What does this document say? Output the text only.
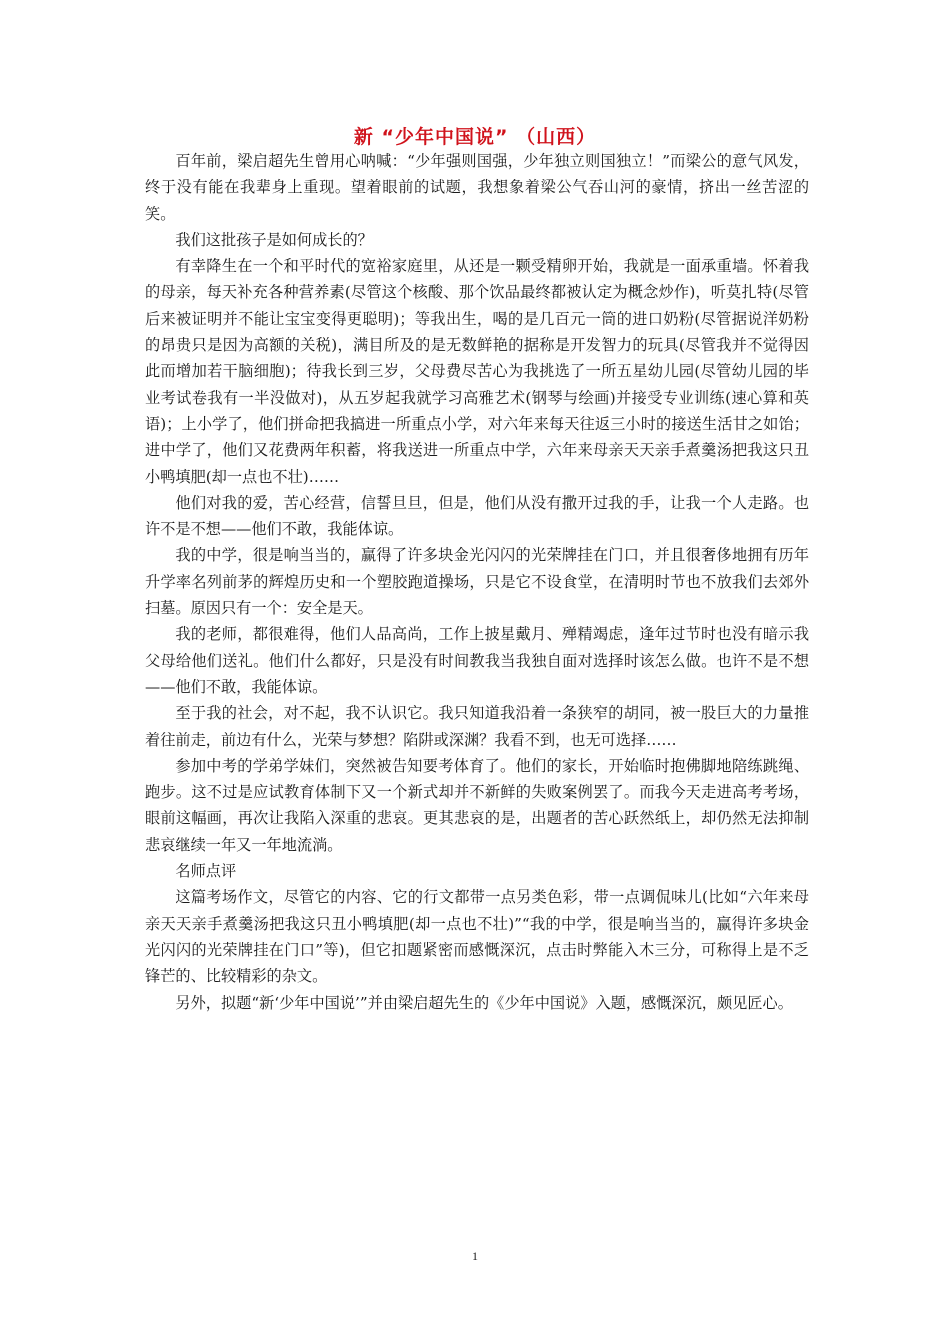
新 “少年中国说” （山西）

百年前，梁启超先生曾用心呐喊：“少年强则国强，少年独立则国独立！”而梁公的意气风发，终于没有能在我辈身上重现。望着眼前的试题，我想象着梁公气吞山河的豪情，挤出一丝苦涩的笑。

我们这批孩子是如何成长的？

有幸降生在一个和平时代的宽裕家庭里，从还是一颗受精卵开始，我就是一面承重墙。怀着我的母亲，每天补充各种营养素(尽管这个核酸、那个饮品最终都被认定为概念炒作)，听莫扎特(尽管后来被证明并不能让宝宝变得更聪明)；等我出生，喝的是几百元一筒的进口奶粉(尽管据说洋奶粉的昂贵只是因为高额的关税)，满目所及的是无数鲜艳的据称是开发智力的玩具(尽管我并不觉得因此而增加若干脑细胞)；待我长到三岁，父母费尽苦心为我挑选了一所五星幼儿园(尽管幼儿园的毕业考试卷我有一半没做对)，从五岁起我就学习高雅艺术(钢琴与绘画)并接受专业训练(速心算和英语)；上小学了，他们拼命把我搞进一所重点小学，对六年来每天往返三小时的接送生活甘之如饴；进中学了，他们又花费两年积蓄，将我送进一所重点中学，六年来母亲天天亲手煮羹汤把我这只丑小鸭填肥(却一点也不壮)……

他们对我的爱，苦心经营，信誓旦旦，但是，他们从没有撒开过我的手，让我一个人走路。也许不是不想——他们不敢，我能体谅。

我的中学，很是响当当的，赢得了许多块金光闪闪的光荣牌挂在门口，并且很奢侈地拥有历年升学率名列前茅的辉煌历史和一个塑胶跑道操场，只是它不设食堂，在清明时节也不放我们去郊外扫墓。原因只有一个：安全是天。

我的老师，都很难得，他们人品高尚，工作上披星戴月、殚精竭虑，逢年过节时也没有暗示我父母给他们送礼。他们什么都好，只是没有时间教我当我独自面对选择时该怎么做。也许不是不想——他们不敢，我能体谅。

至于我的社会，对不起，我不认识它。我只知道我沿着一条狭窄的胡同，被一股巨大的力量推着往前走，前边有什么，光荣与梦想？陷阱或深渊？我看不到，也无可选择……

参加中考的学弟学妹们，突然被告知要考体育了。他们的家长，开始临时抱佛脚地陪练跳绳、跑步。这不过是应试教育体制下又一个新式却并不新鲜的失败案例罢了。而我今天走进高考考场，眼前这幅画，再次让我陷入深重的悲哀。更其悲哀的是，出题者的苦心跃然纸上，却仍然无法抑制悲哀继续一年又一年地流淌。

名师点评

这篇考场作文，尽管它的内容、它的行文都带一点另类色彩，带一点调侃味儿(比如“六年来母亲天天亲手煮羹汤把我这只丑小鸭填肥(却一点也不壮)”“我的中学，很是响当当的，赢得许多块金光闪闪的光荣牌挂在门口”等)，但它扣题紧密而感慨深沉，点击时弊能入木三分，可称得上是不乏锋芒的、比较精彩的杂文。

另外，拟题“新‘少年中国说’”并由梁启超先生的《少年中国说》入题，感慨深沉，颇见匠心。

1
